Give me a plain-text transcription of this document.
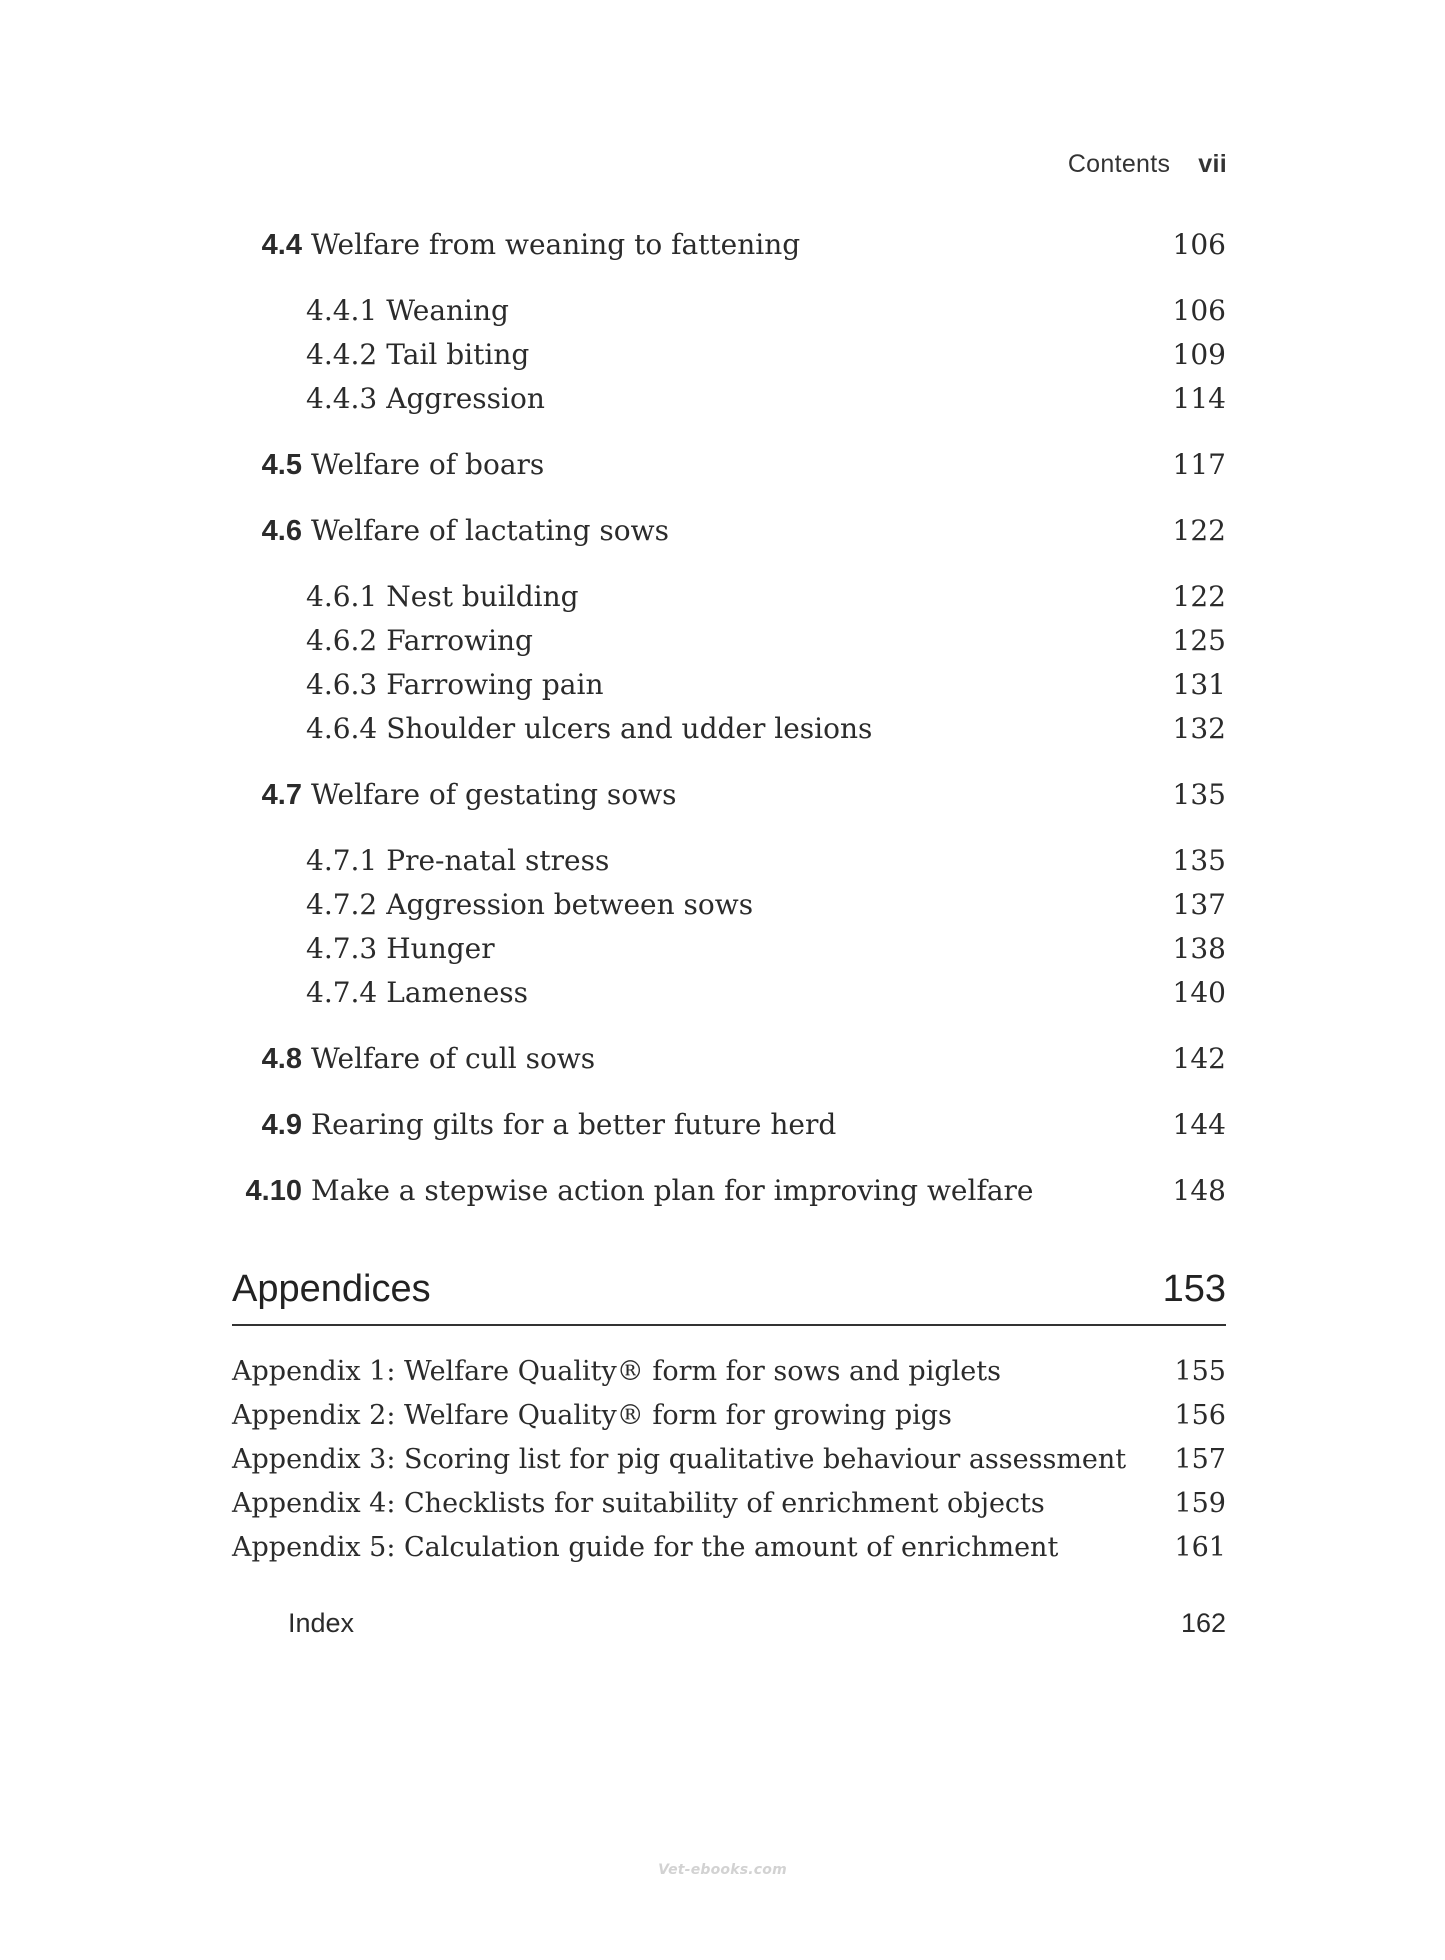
Contents vii
4.4 Welfare from weaning to fattening	106
4.4.1 Weaning	106
4.4.2 Tail biting	109
4.4.3 Aggression	114
4.5 Welfare of boars	117
4.6 Welfare of lactating sows	122
4.6.1 Nest building	122
4.6.2 Farrowing	125
4.6.3 Farrowing pain	131
4.6.4 Shoulder ulcers and udder lesions	132
4.7 Welfare of gestating sows	135
4.7.1 Pre-natal stress	135
4.7.2 Aggression between sows	137
4.7.3 Hunger	138
4.7.4 Lameness	140
4.8 Welfare of cull sows	142
4.9 Rearing gilts for a better future herd	144
4.10 Make a stepwise action plan for improving welfare	148
Appendices	153
Appendix 1: Welfare Quality® form for sows and piglets	155
Appendix 2: Welfare Quality® form for growing pigs	156
Appendix 3: Scoring list for pig qualitative behaviour assessment 157
Appendix 4: Checklists for suitability of enrichment objects	159
Appendix 5: Calculation guide for the amount of enrichment	161
Index	162
Vet-ebooks.com
